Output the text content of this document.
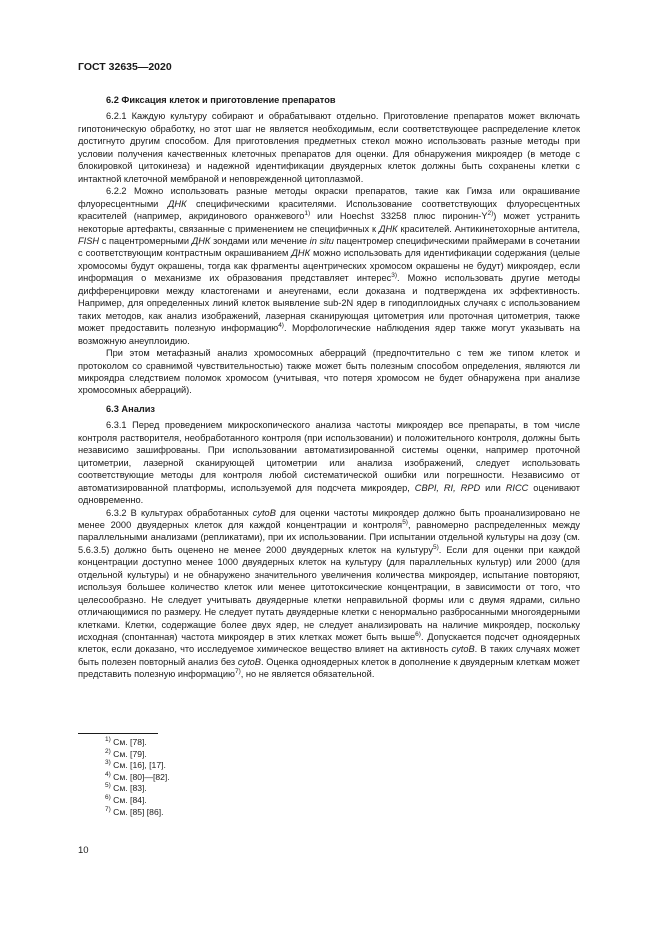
ГОСТ 32635—2020
6.2 Фиксация клеток и приготовление препаратов

6.2.1 Каждую культуру собирают и обрабатывают отдельно. Приготовление препаратов может включать гипотоническую обработку, но этот шаг не является необходимым, если соответствующее распределение клеток достигнуто другим способом. Для приготовления предметных стекол можно использовать разные методы при условии получения качественных клеточных препаратов для оценки. Для обнаружения микроядер (в методе с блокировкой цитокинеза) и надежной идентификации двуядерных клеток должны быть сохранены клетки с интактной клеточной мембраной и неповрежденной цитоплазмой.

6.2.2 Можно использовать разные методы окраски препаратов, такие как Гимза или окрашивание флуоресцентными ДНК специфическими красителями. Использование соответствующих флуоресцентных красителей (например, акридинового оранжевого$^{1)}$ или Hoechst 33258 плюс пиронин-$Y^{2)}$) может устранить некоторые артефакты, связанные с применением не специфичных к ДНК красителей. Антикинетохорные антитела, FISH с пацентромерными ДНК зондами или мечение in situ пацентромер специфическими праймерами в сочетании с соответствующим контрастным окрашиванием ДНК можно использовать для идентификации содержания (целые хромосомы будут окрашены, тогда как фрагменты ацентрических хромосом окрашены не будут) микроядер, если информация о механизме их образования представляет интерес$^{3)}$. Можно использовать другие методы дифференцировки между кластогенами и анеугенами, если доказана и подтверждена их эффективность. Например, для определенных линий клеток выявление sub-2N ядер в гиподиплоидных случаях с использованием таких методов, как анализ изображений, лазерная сканирующая цитометрия или проточная цитометрия, также может предоставить полезную информацию$^{4)}$. Морфологические наблюдения ядер также могут указывать на возможную анеуплоидию.

При этом метафазный анализ хромосомных аберраций (предпочтительно с тем же типом клеток и протоколом со сравнимой чувствительностью) также может быть полезным способом определения, являются ли микроядра следствием поломок хромосом (учитывая, что потеря хромосом не будет обнаружена при анализе хромосомных аберраций).

6.3 Анализ

6.3.1 Перед проведением микроскопического анализа частоты микроядер все препараты, в том числе контроля растворителя, необработанного контроля (при использовании) и положительного контроля, должны быть независимо зашифрованы. При использовании автоматизированной системы оценки, например проточной цитометрии, лазерной сканирующей цитометрии или анализа изображений, следует использовать соответствующие методы для контроля любой систематической ошибки или погрешности. Независимо от автоматизированной платформы, используемой для подсчета микроядер, CBPI, RI, RPD или RICC оценивают одновременно.

6.3.2 В культурах обработанных cytoB для оценки частоты микроядер должно быть проанализировано не менее 2000 двуядерных клеток для каждой концентрации и контроля$^{5)}$, равномерно распределенных между параллельными анализами (репликатами), при их использовании. При испытании отдельной культуры на дозу (см. 5.6.3.5) должно быть оценено не менее 2000 двуядерных клеток на культуру$^{5)}$. Если для оценки при каждой концентрации доступно менее 1000 двуядерных клеток на культуру (для параллельных культур) или 2000 (для отдельной культуры) и не обнаружено значительного увеличения количества микроядер, испытание повторяют, используя большее количество клеток или менее цитотоксические концентрации, в зависимости от того, что целесообразно. Не следует учитывать двуядерные клетки неправильной формы или с двумя ядрами, сильно отличающимися по размеру. Не следует путать двуядерные клетки с ненормально разбросанными многоядерными клетками. Клетки, содержащие более двух ядер, не следует анализировать на наличие микроядер, поскольку исходная (спонтанная) частота микроядер в этих клетках может быть выше$^{6)}$. Допускается подсчет одноядерных клеток, если доказано, что исследуемое химическое вещество влияет на активность cytoB. В таких случаях может быть полезен повторный анализ без cytoB. Оценка одноядерных клеток в дополнение к двуядерным клеткам может представить полезную информацию$^{7)}$, но не является обязательной.

$^{1)}$ См. [78].
$^{2)}$ См. [79].
$^{3)}$ См. [16], [17].
$^{4)}$ См. [80]—[82].
$^{5)}$ См. [83].
$^{6)}$ См. [84].
$^{7)}$ См. [85] [86].
10
